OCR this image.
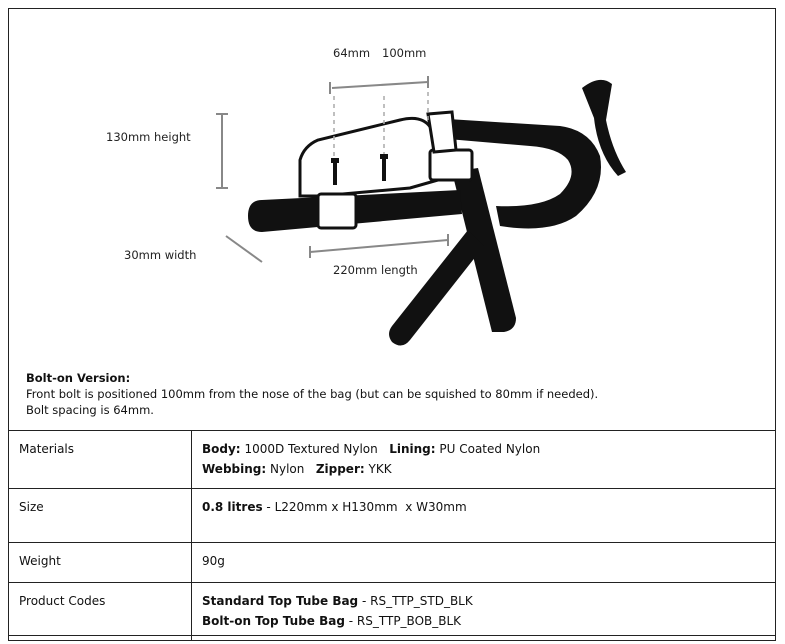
64mm 100mm
130mm height
30mm width
220mm length
Bolt-on Version:
Front bolt is positioned 100mm from the nose of the bag (but can be squished to 80mm if needed).
Bolt spacing is 64mm.
Materials	Body: 1000D Textured Nylon Lining: PU Coated Nylon
Webbing: Nylon Zipper: YKK

Size	0.8 litres - L220mm x H130mm  x W30mm
Weight	90g
Product Codes	Standard Top Tube Bag - RS_TTP_STD_BLK
Bolt-on Top Tube Bag - RS_TTP_BOB_BLK
